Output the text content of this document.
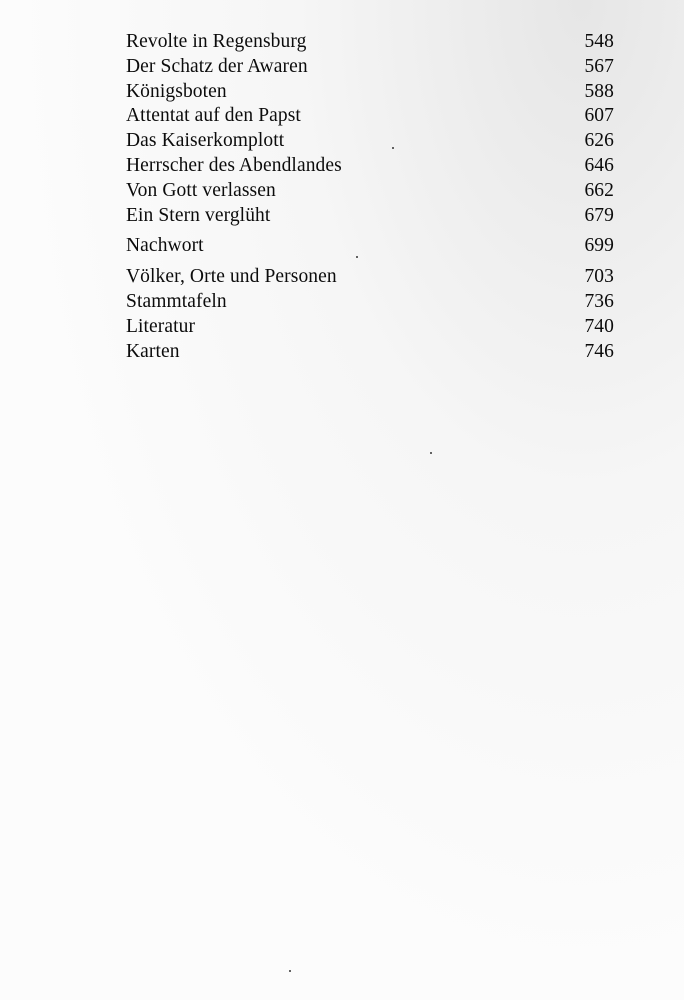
Revolte in Regensburg	548
Der Schatz der Awaren	567
Königsboten	588
Attentat auf den Papst	607
Das Kaiserkomplott	626
Herrscher des Abendlandes	646
Von Gott verlassen	662
Ein Stern verglüht	679
Nachwort	699
Völker, Orte und Personen	703
Stammtafeln	736
Literatur	740
Karten	746
